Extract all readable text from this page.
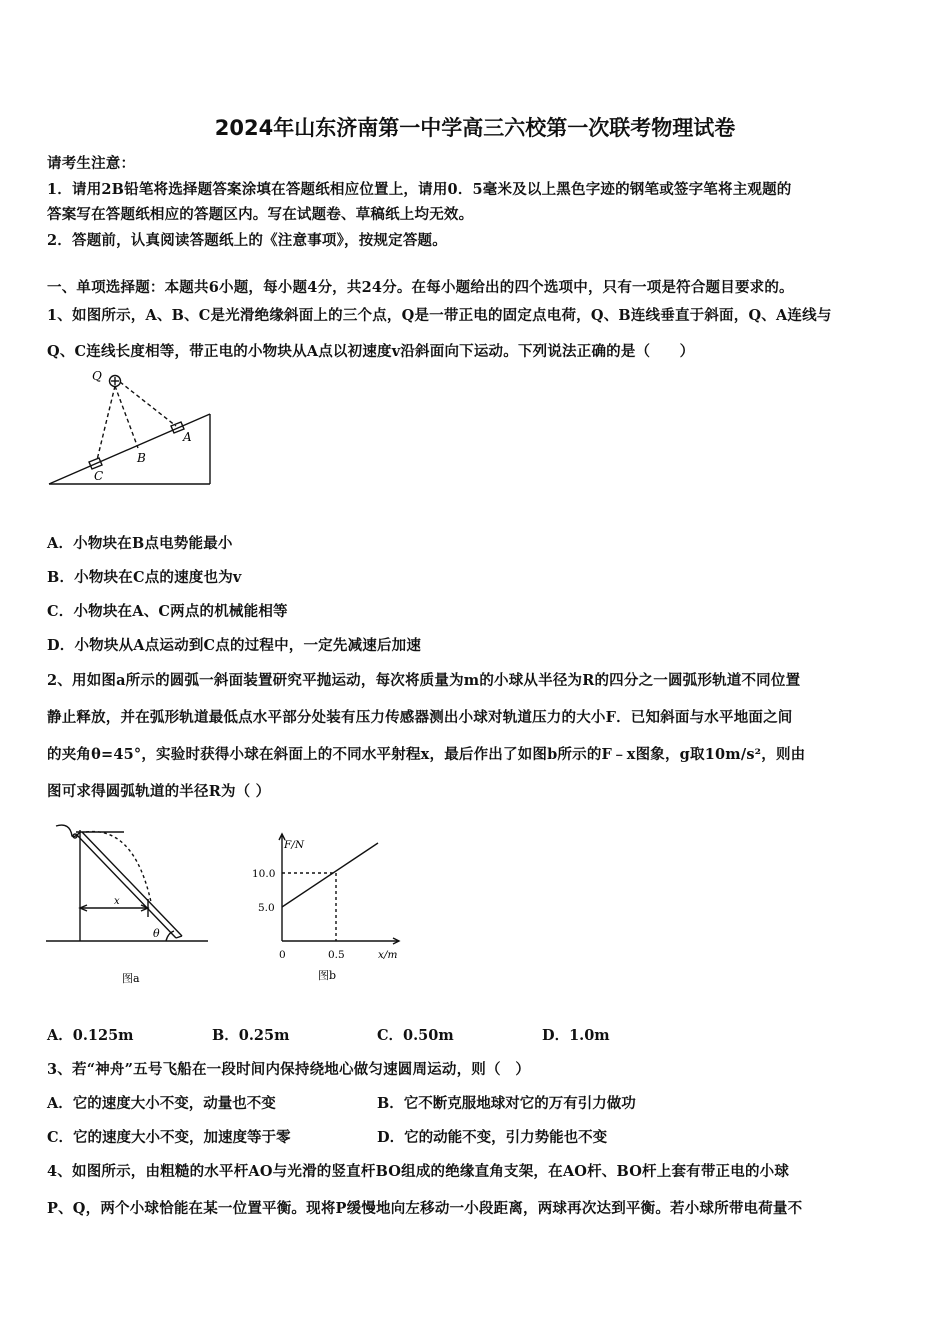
2024年山东济南第一中学高三六校第一次联考物理试卷
请考生注意：
1．请用2B铅笔将选择题答案涂填在答题纸相应位置上，请用0．5毫米及以上黑色字迹的钢笔或签字笔将主观题的
答案写在答题纸相应的答题区内。写在试题卷、草稿纸上均无效。
2．答题前，认真阅读答题纸上的《注意事项》，按规定答题。
一、单项选择题：本题共6小题，每小题4分，共24分。在每小题给出的四个选项中，只有一项是符合题目要求的。
1、如图所示，A、B、C是光滑绝缘斜面上的三个点，Q是一带正电的固定点电荷，Q、B连线垂直于斜面，Q、A连线与
Q、C连线长度相等，带正电的小物块从A点以初速度v沿斜面向下运动。下列说法正确的是（　　）
Q
A
B
C
A．小物块在B点电势能最小
B．小物块在C点的速度也为v
C．小物块在A、C两点的机械能相等
D．小物块从A点运动到C点的过程中，一定先减速后加速
2、用如图a所示的圆弧一斜面装置研究平抛运动，每次将质量为m的小球从半径为R的四分之一圆弧形轨道不同位置
静止释放，并在弧形轨道最低点水平部分处装有压力传感器测出小球对轨道压力的大小F．已知斜面与水平地面之间
的夹角θ=45°，实验时获得小球在斜面上的不同水平射程x，最后作出了如图b所示的F﹣x图象，g取10m/s²，则由
图可求得圆弧轨道的半径R为（ ）
x
θ
图a
F/N
10.0
5.0
0	0.5	x/m
图b
A．0.125m	B．0.25m	C．0.50m	D．1.0m
3、若“神舟”五号飞船在一段时间内保持绕地心做匀速圆周运动，则（　）
A．它的速度大小不变，动量也不变	B．它不断克服地球对它的万有引力做功
C．它的速度大小不变，加速度等于零	D．它的动能不变，引力势能也不变
4、如图所示，由粗糙的水平杆AO与光滑的竖直杆BO组成的绝缘直角支架，在AO杆、BO杆上套有带正电的小球
P、Q，两个小球恰能在某一位置平衡。现将P缓慢地向左移动一小段距离，两球再次达到平衡。若小球所带电荷量不
